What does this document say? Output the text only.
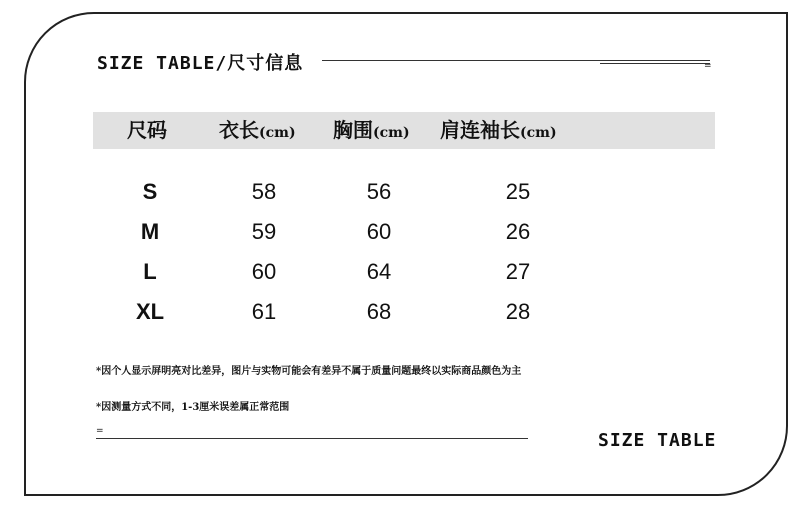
SIZE TABLE/尺寸信息	=
尺码	衣长(cm) 胸围(cm) 肩连袖长(cm)
S	58	56	25
M	59	60	26
L	60	64	27
XL	61	68	28
*因个人显示屏明亮对比差异，图片与实物可能会有差异不属于质量问题最终以实际商品颜色为主
*因测量方式不同，1-3厘米误差属正常范围
=	SIZE TABLE
